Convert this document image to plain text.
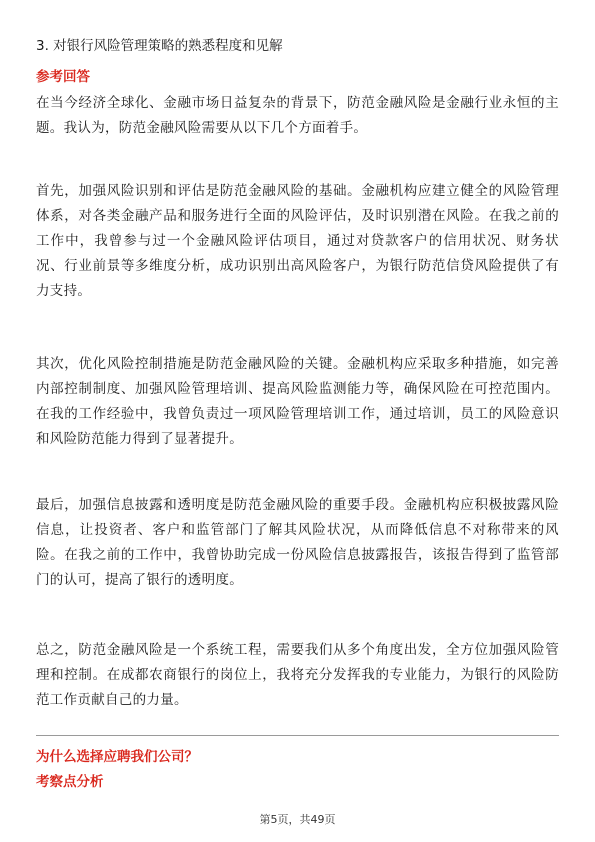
3. 对银行风险管理策略的熟悉程度和见解
参考回答

在当今经济全球化、金融市场日益复杂的背景下，防范金融风险是金融行业永恒的主题。我认为，防范金融风险需要从以下几个方面着手。

首先，加强风险识别和评估是防范金融风险的基础。金融机构应建立健全的风险管理体系，对各类金融产品和服务进行全面的风险评估，及时识别潜在风险。在我之前的工作中，我曾参与过一个金融风险评估项目，通过对贷款客户的信用状况、财务状况、行业前景等多维度分析，成功识别出高风险客户，为银行防范信贷风险提供了有力支持。

其次，优化风险控制措施是防范金融风险的关键。金融机构应采取多种措施，如完善内部控制制度、加强风险管理培训、提高风险监测能力等，确保风险在可控范围内。在我的工作经验中，我曾负责过一项风险管理培训工作，通过培训，员工的风险意识和风险防范能力得到了显著提升。

最后，加强信息披露和透明度是防范金融风险的重要手段。金融机构应积极披露风险信息，让投资者、客户和监管部门了解其风险状况，从而降低信息不对称带来的风险。在我之前的工作中，我曾协助完成一份风险信息披露报告，该报告得到了监管部门的认可，提高了银行的透明度。

总之，防范金融风险是一个系统工程，需要我们从多个角度出发，全方位加强风险管理和控制。在成都农商银行的岗位上，我将充分发挥我的专业能力，为银行的风险防范工作贡献自己的力量。

为什么选择应聘我们公司？
考察点分析
第5页，共49页
